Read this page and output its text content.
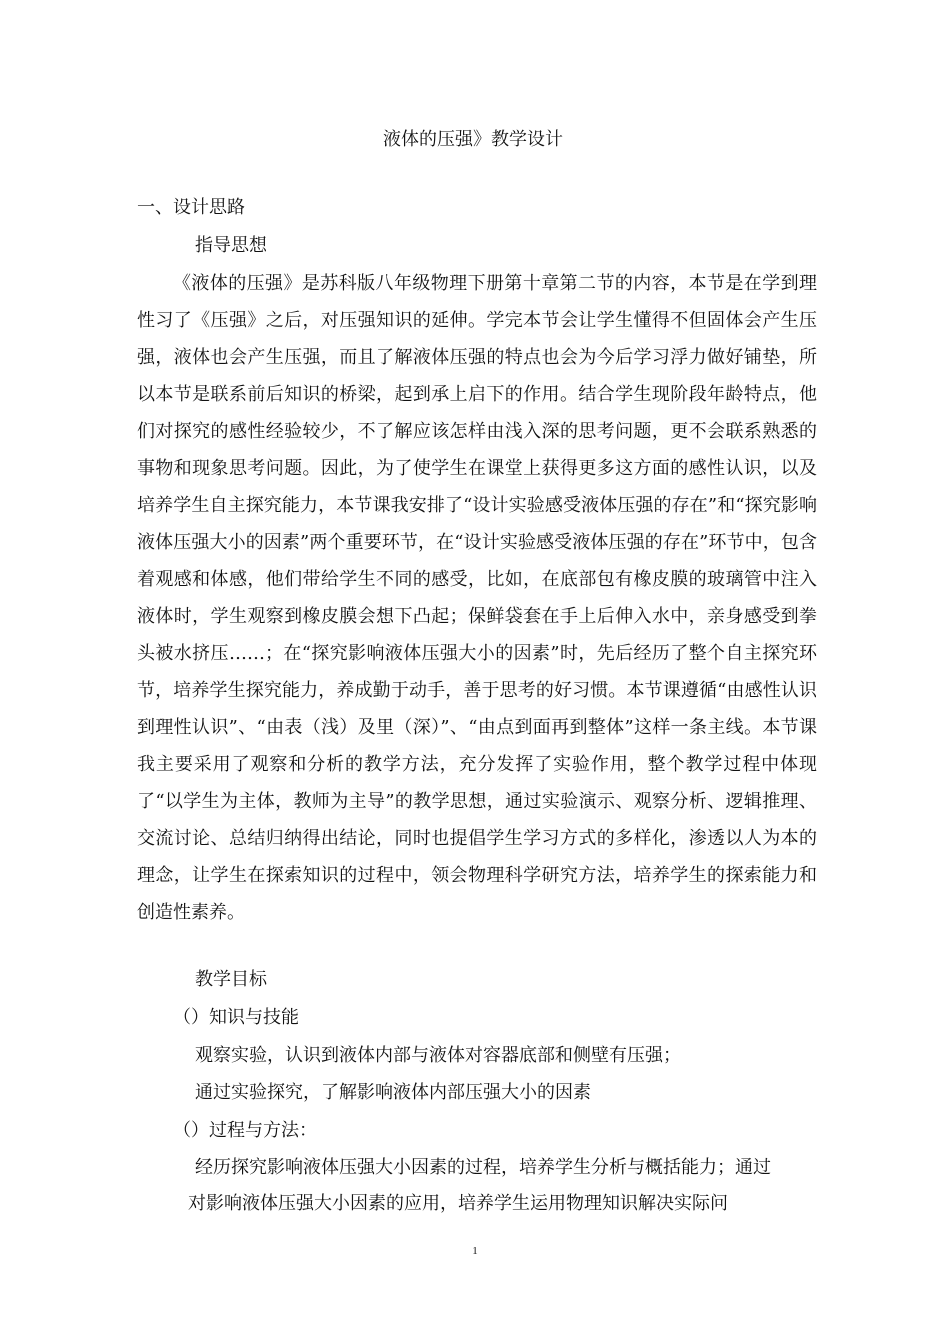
液体的压强》教学设计
一、设计思路
指导思想

《液体的压强》是苏科版八年级物理下册第十章第二节的内容，本节是在学到理性习了《压强》之后，对压强知识的延伸。学完本节会让学生懂得不但固体会产生压强，液体也会产生压强，而且了解液体压强的特点也会为今后学习浮力做好铺垫，所以本节是联系前后知识的桥梁，起到承上启下的作用。结合学生现阶段年龄特点，他们对探究的感性经验较少，不了解应该怎样由浅入深的思考问题，更不会联系熟悉的事物和现象思考问题。因此，为了使学生在课堂上获得更多这方面的感性认识，以及培养学生自主探究能力，本节课我安排了“设计实验感受液体压强的存在”和“探究影响液体压强大小的因素”两个重要环节，在“设计实验感受液体压强的存在”环节中，包含着观感和体感，他们带给学生不同的感受，比如，在底部包有橡皮膜的玻璃管中注入液体时，学生观察到橡皮膜会想下凸起；保鲜袋套在手上后伸入水中，亲身感受到拳头被水挤压……；在“探究影响液体压强大小的因素”时，先后经历了整个自主探究环节，培养学生探究能力，养成勤于动手，善于思考的好习惯。本节课遵循“由感性认识到理性认识”、“由表（浅）及里（深）”、“由点到面再到整体”这样一条主线。本节课我主要采用了观察和分析的教学方法，充分发挥了实验作用，整个教学过程中体现了“以学生为主体，教师为主导”的教学思想，通过实验演示、观察分析、逻辑推理、交流讨论、总结归纳得出结论，同时也提倡学生学习方式的多样化，渗透以人为本的理念，让学生在探索知识的过程中，领会物理科学研究方法，培养学生的探索能力和创造性素养。

教学目标
（）知识与技能
观察实验，认识到液体内部与液体对容器底部和侧壁有压强；
通过实验探究，了解影响液体内部压强大小的因素
（）过程与方法：
经历探究影响液体压强大小因素的过程，培养学生分析与概括能力；通过
对影响液体压强大小因素的应用，培养学生运用物理知识解决实际问
1
